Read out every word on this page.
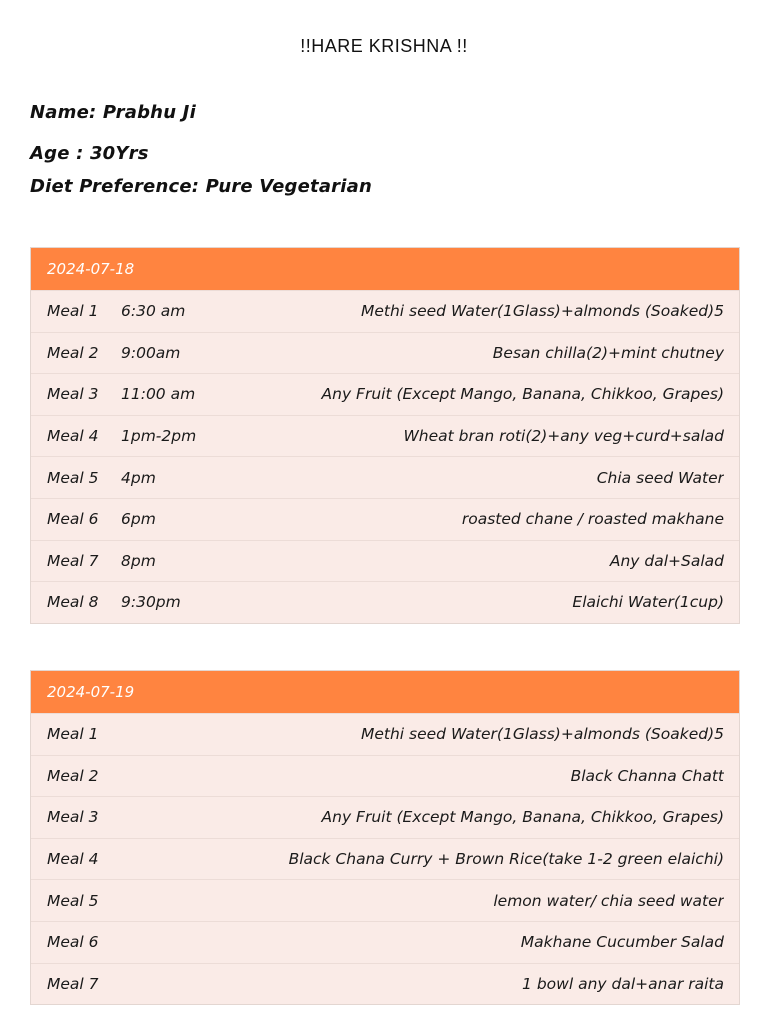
!!HARE KRISHNA !!

Name: Prabhu Ji

Age : 30Yrs

Diet Preference: Pure Vegetarian

2024-07-18
Meal 1	6:30 am	Methi seed Water(1Glass)+almonds (Soaked)5
Meal 2	9:00am	Besan chilla(2)+mint chutney
Meal 3	11:00 am	Any Fruit (Except Mango, Banana, Chikkoo, Grapes)
Meal 4	1pm-2pm	Wheat bran roti(2)+any veg+curd+salad
Meal 5	4pm	Chia seed Water
Meal 6	6pm	roasted chane / roasted makhane
Meal 7	8pm	Any dal+Salad
Meal 8	9:30pm	Elaichi Water(1cup)
2024-07-19
Meal 1	Methi seed Water(1Glass)+almonds (Soaked)5
Meal 2	Black Channa Chatt
Meal 3	Any Fruit (Except Mango, Banana, Chikkoo, Grapes)
Meal 4	Black Chana Curry + Brown Rice(take 1-2 green elaichi)
Meal 5	lemon water/ chia seed water
Meal 6	Makhane Cucumber Salad
Meal 7	1 bowl any dal+anar raita
